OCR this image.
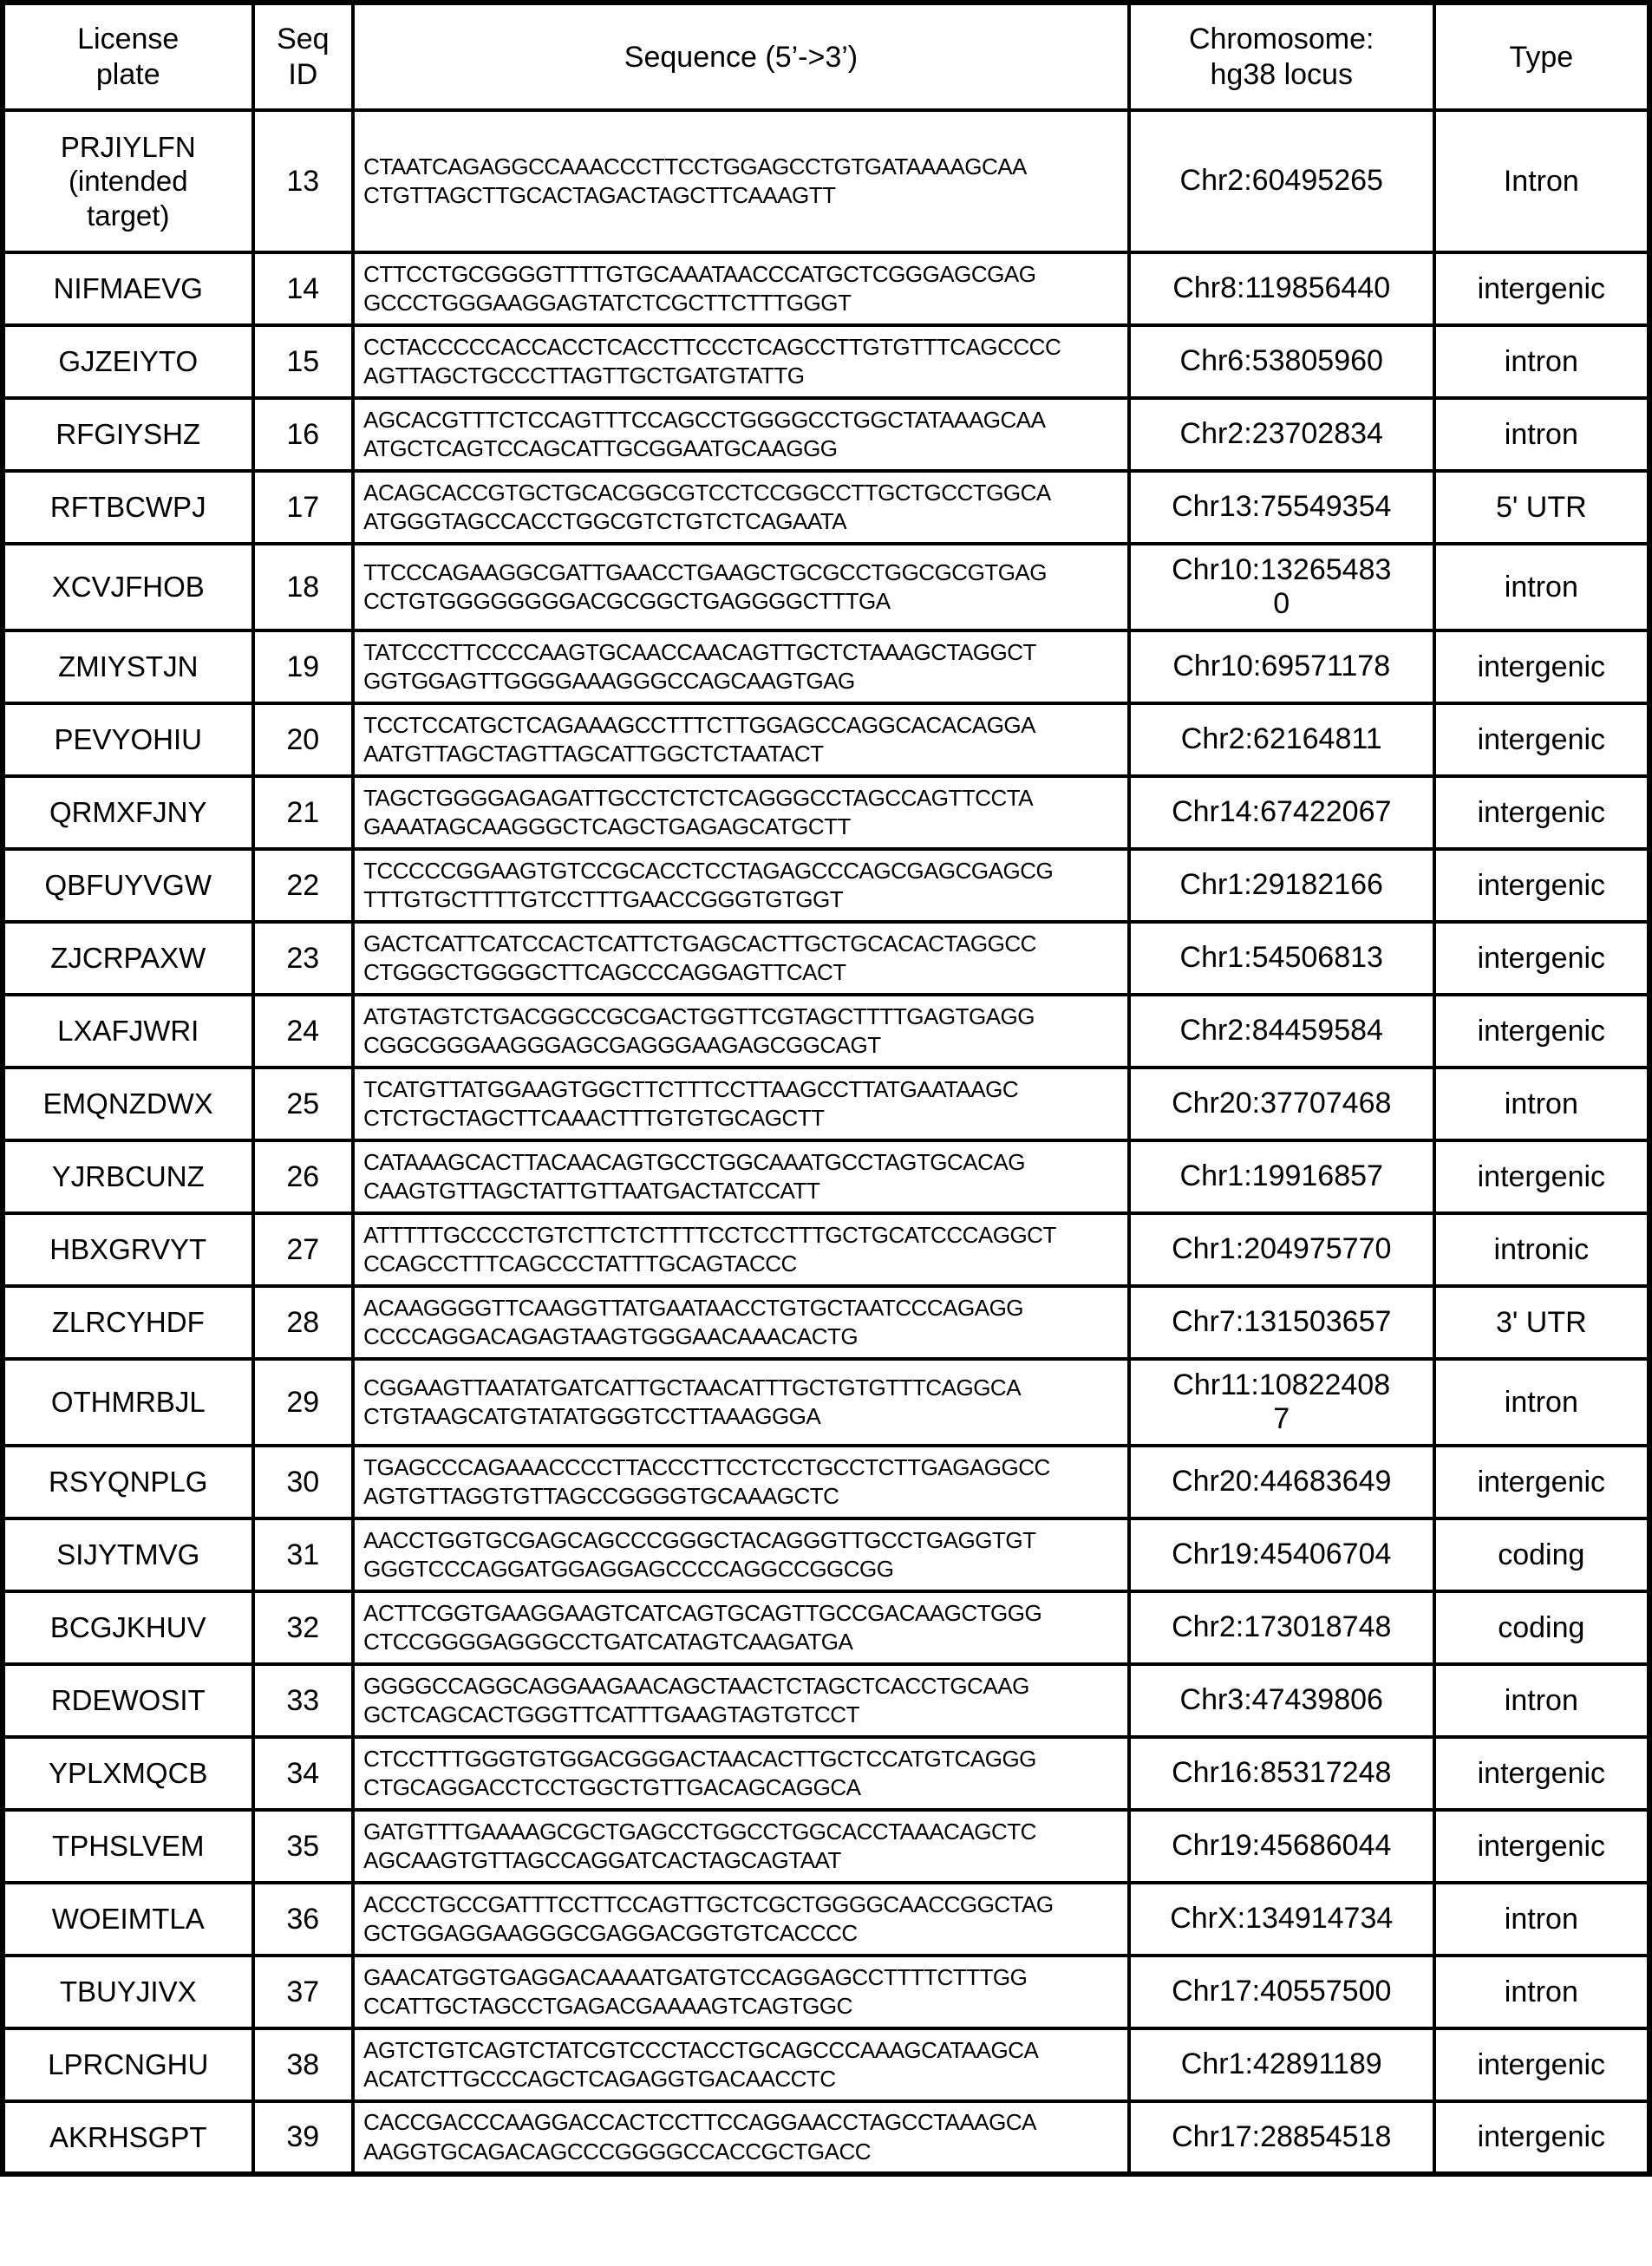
License plate	Seq ID	Sequence (5’->3’)	Chromosome: hg38 locus	Type

PRJIYLFN (intended target)	13	CTAATCAGAGGCCAAACCCTTCCTGGAGCCTGTGATAAAAGCAA
CTGTTAGCTTGCACTAGACTAGCTTCAAAGTT	Chr2:60495265	Intron

NIFMAEVG	14	CTTCCTGCGGGGTTTTGTGCAAATAACCCATGCTCGGGAGCGAG
GCCCTGGGAAGGAGTATCTCGCTTCTTTGGGT	Chr8:119856440	intergenic

GJZEIYTO	15	CCTACCCCCACCACCTCACCTTCCCTCAGCCTTGTGTTTCAGCCCC
AGTTAGCTGCCCTTAGTTGCTGATGTATTG	Chr6:53805960	intron

RFGIYSHZ	16	AGCACGTTTCTCCAGTTTCCAGCCTGGGGCCTGGCTATAAAGCAA
ATGCTCAGTCCAGCATTGCGGAATGCAAGGG	Chr2:23702834	intron

RFTBCWPJ	17	ACAGCACCGTGCTGCACGGCGTCCTCCGGCCTTGCTGCCTGGCA
ATGGGTAGCCACCTGGCGTCTGTCTCAGAATA	Chr13:75549354	5' UTR

XCVJFHOB	18	TTCCCAGAAGGCGATTGAACCTGAAGCTGCGCCTGGCGCGTGAG
CCTGTGGGGGGGGACGCGGCTGAGGGGCTTTGA	Chr10:132654830	intron

ZMIYSTJN	19	TATCCCTTCCCCAAGTGCAACCAACAGTTGCTCTAAAGCTAGGCT
GGTGGAGTTGGGGAAAGGGCCAGCAAGTGAG	Chr10:69571178	intergenic

PEVYOHIU	20	TCCTCCATGCTCAGAAAGCCTTTCTTGGAGCCAGGCACACAGGA
AATGTTAGCTAGTTAGCATTGGCTCTAATACT	Chr2:62164811	intergenic

QRMXFJNY	21	TAGCTGGGGAGAGATTGCCTCTCTCAGGGCCTAGCCAGTTCCTA
GAAATAGCAAGGGCTCAGCTGAGAGCATGCTT	Chr14:67422067	intergenic

QBFUYVGW	22	TCCCCCGGAAGTGTCCGCACCTCCTAGAGCCCAGCGAGCGAGCG
TTTGTGCTTTTGTCCTTTGAACCGGGTGTGGT	Chr1:29182166	intergenic

ZJCRPAXW	23	GACTCATTCATCCACTCATTCTGAGCACTTGCTGCACACTAGGCC
CTGGGCTGGGGCTTCAGCCCAGGAGTTCACT	Chr1:54506813	intergenic

LXAFJWRI	24	ATGTAGTCTGACGGCCGCGACTGGTTCGTAGCTTTTGAGTGAGG
CGGCGGGAAGGGAGCGAGGGAAGAGCGGCAGT	Chr2:84459584	intergenic

EMQNZDWX	25	TCATGTTATGGAAGTGGCTTCTTTCCTTAAGCCTTATGAATAAGC
CTCTGCTAGCTTCAAACTTTGTGTGCAGCTT	Chr20:37707468	intron

YJRBCUNZ	26	CATAAAGCACTTACAACAGTGCCTGGCAAATGCCTAGTGCACAG
CAAGTGTTAGCTATTGTTAATGACTATCCATT	Chr1:19916857	intergenic

HBXGRVYT	27	ATTTTTGCCCCTGTCTTCTCTTTTCCTCCTTTGCTGCATCCCAGGCT
CCAGCCTTTCAGCCCTATTTGCAGTACCC	Chr1:204975770	intronic

ZLRCYHDF	28	ACAAGGGGTTCAAGGTTATGAATAACCTGTGCTAATCCCAGAGG
CCCCAGGACAGAGTAAGTGGGAACAAACACTG	Chr7:131503657	3' UTR

OTHMRBJL	29	CGGAAGTTAATATGATCATTGCTAACATTTGCTGTGTTTCAGGCA
CTGTAAGCATGTATATGGGTCCTTAAAGGGA	Chr11:108224087	intron

RSYQNPLG	30	TGAGCCCAGAAACCCCTTACCCTTCCTCCTGCCTCTTGAGAGGCC
AGTGTTAGGTGTTAGCCGGGGTGCAAAGCTC	Chr20:44683649	intergenic

SIJYTMVG	31	AACCTGGTGCGAGCAGCCCGGGCTACAGGGTTGCCTGAGGTGT
GGGTCCCAGGATGGAGGAGCCCCAGGCCGGCGG	Chr19:45406704	coding

BCGJKHUV	32	ACTTCGGTGAAGGAAGTCATCAGTGCAGTTGCCGACAAGCTGGG
CTCCGGGGAGGGCCTGATCATAGTCAAGATGA	Chr2:173018748	coding

RDEWOSIT	33	GGGGCCAGGCAGGAAGAACAGCTAACTCTAGCTCACCTGCAAG
GCTCAGCACTGGGTTCATTTGAAGTAGTGTCCT	Chr3:47439806	intron

YPLXMQCB	34	CTCCTTTGGGTGTGGACGGGACTAACACTTGCTCCATGTCAGGG
CTGCAGGACCTCCTGGCTGTTGACAGCAGGCA	Chr16:85317248	intergenic

TPHSLVEM	35	GATGTTTGAAAAGCGCTGAGCCTGGCCTGGCACCTAAACAGCTC
AGCAAGTGTTAGCCAGGATCACTAGCAGTAAT	Chr19:45686044	intergenic

WOEIMTLA	36	ACCCTGCCGATTTCCTTCCAGTTGCTCGCTGGGGCAACCGGCTAG
GCTGGAGGAAGGGCGAGGACGGTGTCACCCC	ChrX:134914734	intron

TBUYJIVX	37	GAACATGGTGAGGACAAAATGATGTCCAGGAGCCTTTTCTTTGG
CCATTGCTAGCCTGAGACGAAAAGTCAGTGGC	Chr17:40557500	intron

LPRCNGHU	38	AGTCTGTCAGTCTATCGTCCCTACCTGCAGCCCAAAGCATAAGCA
ACATCTTGCCCAGCTCAGAGGTGACAACCTC	Chr1:42891189	intergenic

AKRHSGPT	39	CACCGACCCAAGGACCACTCCTTCCAGGAACCTAGCCTAAAGCA
AAGGTGCAGACAGCCCGGGGCCACCGCTGACC	Chr17:28854518	intergenic
